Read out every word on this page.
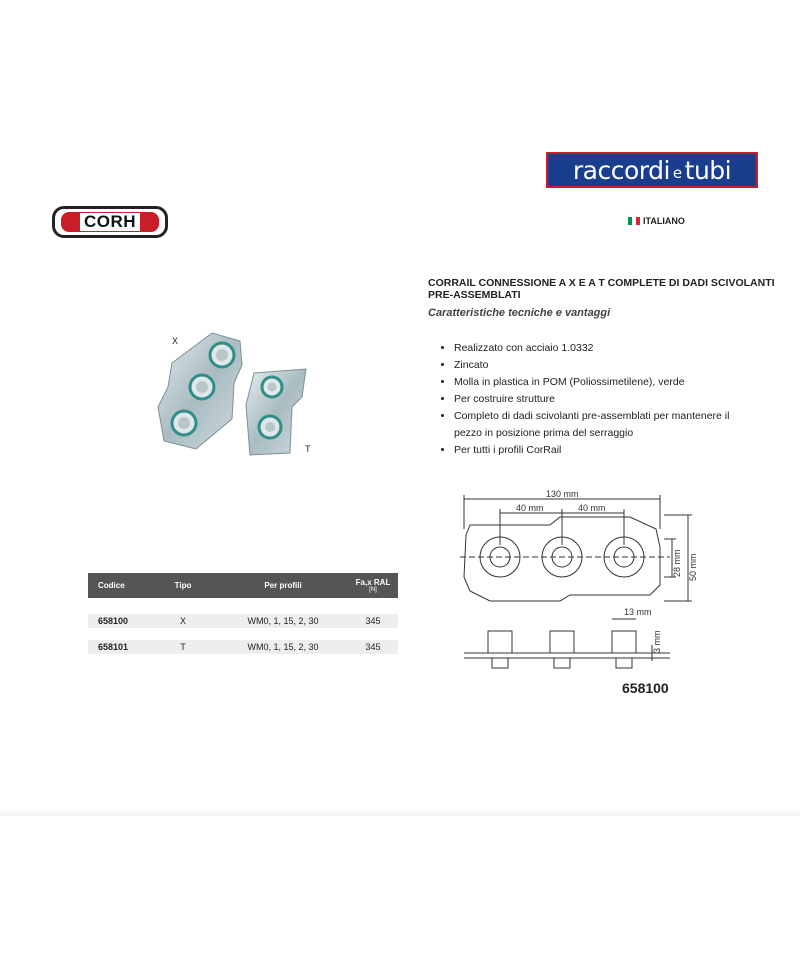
raccordi e tubi
ITALIANO
CORH
X
T
CORRAIL CONNESSIONE A X E A T COMPLETE DI DADI SCIVOLANTI PRE-ASSEMBLATI
Caratteristiche tecniche e vantaggi
• Realizzato con acciaio 1.0332
• Zincato
• Molla in plastica in POM (Poliossimetilene), verde
• Per costruire strutture
• Completo di dadi scivolanti pre-assemblati per mantenere il pezzo in posizione prima del serraggio
• Per tutti i profili CorRail
Codice	Tipo	Per profili	Fa,x RAL
[N]
658100	X	WM0, 1, 15, 2, 30	345
658101	T	WM0, 1, 15, 2, 30	345
130 mm
40 mm	40 mm
28 mm 50 mm
13 mm
3 mm
658100
